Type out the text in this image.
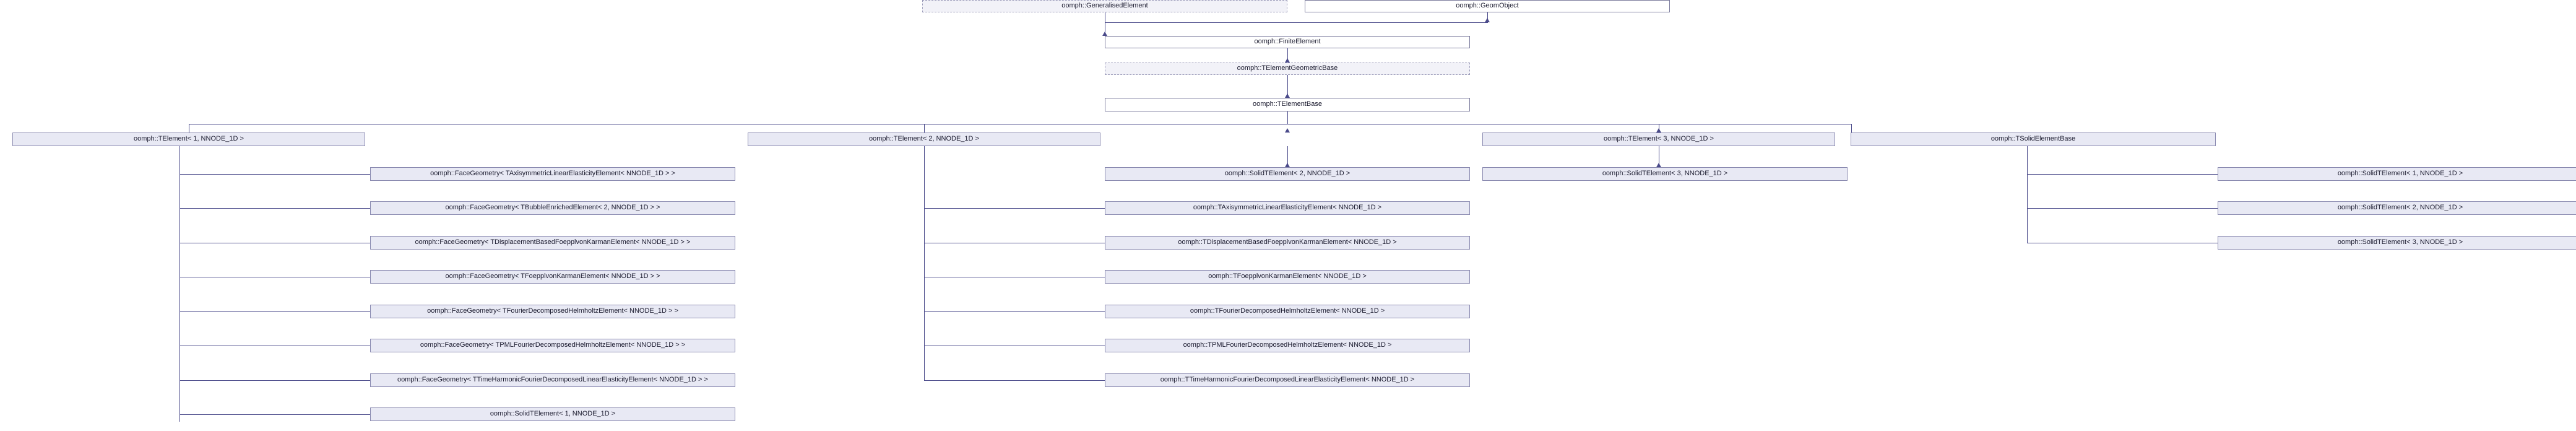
oomph::GeneralisedElement	oomph::GeomObject
oomph::FiniteElement
oomph::TElementGeometricBase
oomph::TElementBase
oomph::TElement< 1, NNODE_1D >	oomph::TElement< 2, NNODE_1D >	oomph::TElement< 3, NNODE_1D >	oomph::TSolidElementBase
oomph::FaceGeometry< TAxisymmetricLinearElasticityElement< NNODE_1D > >
oomph::FaceGeometry< TBubbleEnrichedElement< 2, NNODE_1D > >
oomph::FaceGeometry< TDisplacementBasedFoepplvonKarmanElement< NNODE_1D > >
oomph::FaceGeometry< TFoepplvonKarmanElement< NNODE_1D > >
oomph::FaceGeometry< TFourierDecomposedHelmholtzElement< NNODE_1D > >
oomph::FaceGeometry< TPMLFourierDecomposedHelmholtzElement< NNODE_1D > >
oomph::FaceGeometry< TTimeHarmonicFourierDecomposedLinearElasticityElement< NNODE_1D > >
oomph::SolidTElement< 1, NNODE_1D >
oomph::SolidTElement< 2, NNODE_1D >
oomph::TAxisymmetricLinearElasticityElement< NNODE_1D >
oomph::TDisplacementBasedFoepplvonKarmanElement< NNODE_1D >
oomph::TFoepplvonKarmanElement< NNODE_1D >
oomph::TFourierDecomposedHelmholtzElement< NNODE_1D >
oomph::TPMLFourierDecomposedHelmholtzElement< NNODE_1D >
oomph::TTimeHarmonicFourierDecomposedLinearElasticityElement< NNODE_1D >
oomph::SolidTElement< 3, NNODE_1D >	oomph::SolidTElement< 1, NNODE_1D >
oomph::SolidTElement< 2, NNODE_1D >
oomph::SolidTElement< 3, NNODE_1D >
